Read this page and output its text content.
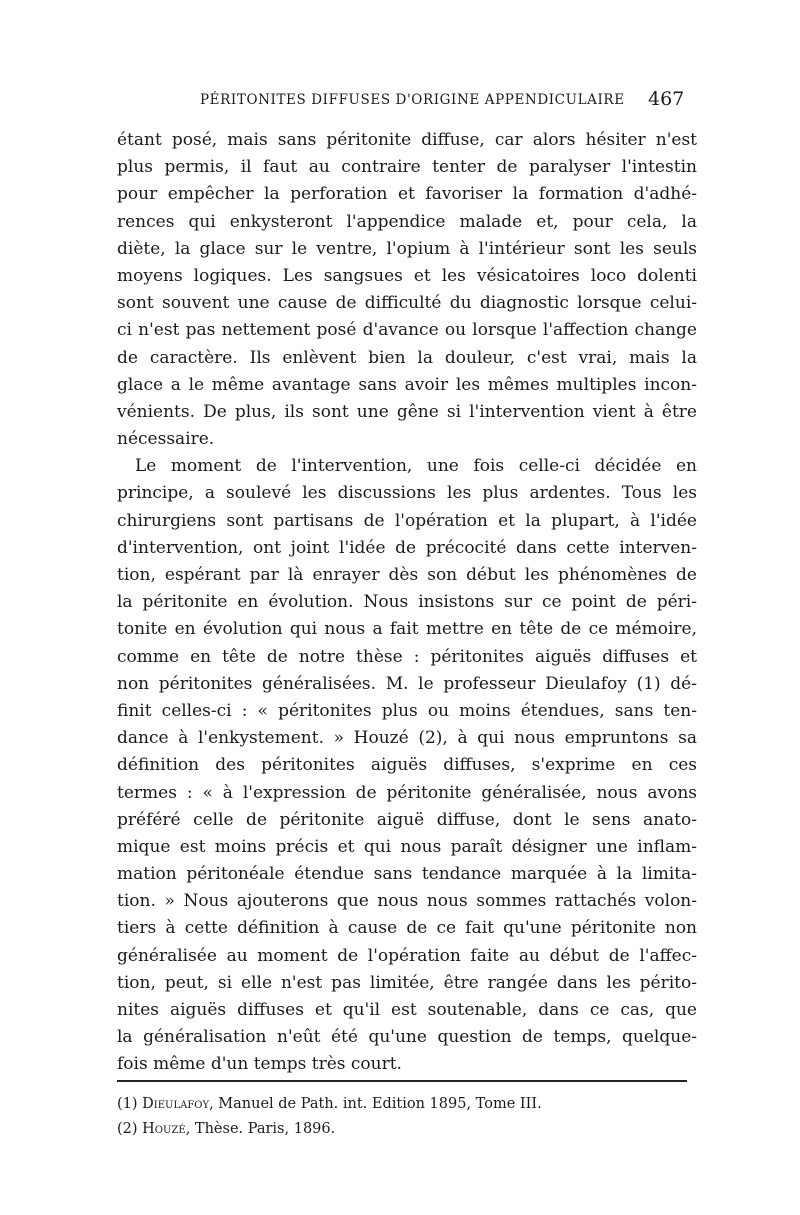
PÉRITONITES DIFFUSES D'ORIGINE APPENDICULAIRE 467
étant posé, mais sans péritonite diffuse, car alors hésiter n'est
plus permis, il faut au contraire tenter de paralyser l'intestin
pour empêcher la perforation et favoriser la formation d'adhé-
rences qui enkysteront l'appendice malade et, pour cela, la
diète, la glace sur le ventre, l'opium à l'intérieur sont les seuls
moyens logiques. Les sangsues et les vésicatoires loco dolenti
sont souvent une cause de difficulté du diagnostic lorsque celui-
ci n'est pas nettement posé d'avance ou lorsque l'affection change
de caractère. Ils enlèvent bien la douleur, c'est vrai, mais la
glace a le même avantage sans avoir les mêmes multiples incon-
vénients. De plus, ils sont une gêne si l'intervention vient à être
nécessaire.
Le moment de l'intervention, une fois celle-ci décidée en
principe, a soulevé les discussions les plus ardentes. Tous les
chirurgiens sont partisans de l'opération et la plupart, à l'idée
d'intervention, ont joint l'idée de précocité dans cette interven-
tion, espérant par là enrayer dès son début les phénomènes de
la péritonite en évolution. Nous insistons sur ce point de péri-
tonite en évolution qui nous a fait mettre en tête de ce mémoire,
comme en tête de notre thèse : péritonites aiguës diffuses et
non péritonites généralisées. M. le professeur Dieulafoy (1) dé-
finit celles-ci : « péritonites plus ou moins étendues, sans ten-
dance à l'enkystement. » Houzé (2), à qui nous empruntons sa
définition des péritonites aiguës diffuses, s'exprime en ces
termes : « à l'expression de péritonite généralisée, nous avons
préféré celle de péritonite aiguë diffuse, dont le sens anato-
mique est moins précis et qui nous paraît désigner une inflam-
mation péritonéale étendue sans tendance marquée à la limita-
tion. » Nous ajouterons que nous nous sommes rattachés volon-
tiers à cette définition à cause de ce fait qu'une péritonite non
généralisée au moment de l'opération faite au début de l'affec-
tion, peut, si elle n'est pas limitée, être rangée dans les périto-
nites aiguës diffuses et qu'il est soutenable, dans ce cas, que
la généralisation n'eût été qu'une question de temps, quelque-
fois même d'un temps très court.
(1) Dieulafoy, Manuel de Path. int. Edition 1895, Tome III.
(2) Houzé, Thèse. Paris, 1896.
